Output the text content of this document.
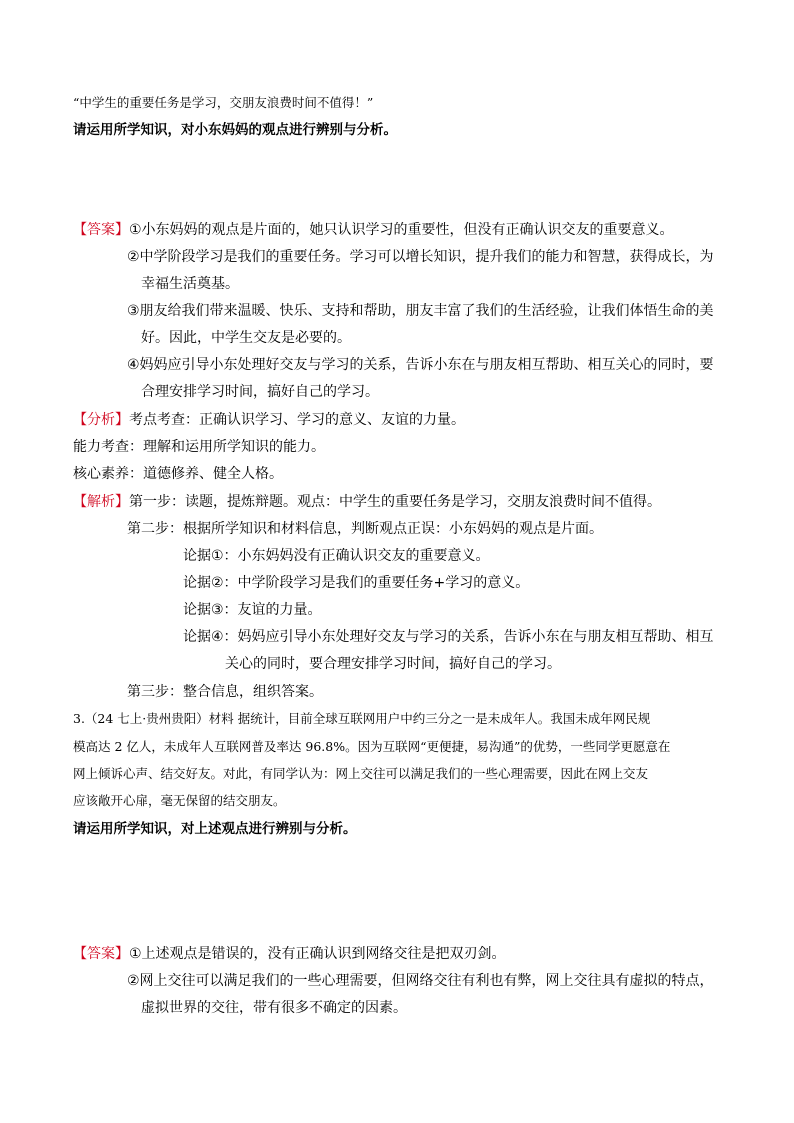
“中学生的重要任务是学习，交朋友浪费时间不值得！”
请运用所学知识，对小东妈妈的观点进行辨别与分析。
【答案】①小东妈妈的观点是片面的，她只认识学习的重要性，但没有正确认识交友的重要意义。
②中学阶段学习是我们的重要任务。学习可以增长知识，提升我们的能力和智慧，获得成长，为
幸福生活奠基。
③朋友给我们带来温暖、快乐、支持和帮助，朋友丰富了我们的生活经验，让我们体悟生命的美
好。因此，中学生交友是必要的。
④妈妈应引导小东处理好交友与学习的关系，告诉小东在与朋友相互帮助、相互关心的同时，要
合理安排学习时间，搞好自己的学习。
【分析】考点考查：正确认识学习、学习的意义、友谊的力量。
能力考查：理解和运用所学知识的能力。
核心素养：道德修养、健全人格。
【解析】第一步：读题，提炼辩题。观点：中学生的重要任务是学习，交朋友浪费时间不值得。
第二步：根据所学知识和材料信息，判断观点正误：小东妈妈的观点是片面。
论据①：小东妈妈没有正确认识交友的重要意义。
论据②：中学阶段学习是我们的重要任务+学习的意义。
论据③：友谊的力量。
论据④：妈妈应引导小东处理好交友与学习的关系，告诉小东在与朋友相互帮助、相互
关心的同时，要合理安排学习时间，搞好自己的学习。
第三步：整合信息，组织答案。
3.（24 七上·贵州贵阳）材料 据统计，目前全球互联网用户中约三分之一是未成年人。我国未成年网民规
模高达 2 亿人，未成年人互联网普及率达 96.8%。因为互联网“更便捷，易沟通”的优势，一些同学更愿意在
网上倾诉心声、结交好友。对此，有同学认为：网上交往可以满足我们的一些心理需要，因此在网上交友
应该敞开心扉，毫无保留的结交朋友。
请运用所学知识，对上述观点进行辨别与分析。
【答案】①上述观点是错误的，没有正确认识到网络交往是把双刃剑。
②网上交往可以满足我们的一些心理需要，但网络交往有利也有弊，网上交往具有虚拟的特点，
虚拟世界的交往，带有很多不确定的因素。
